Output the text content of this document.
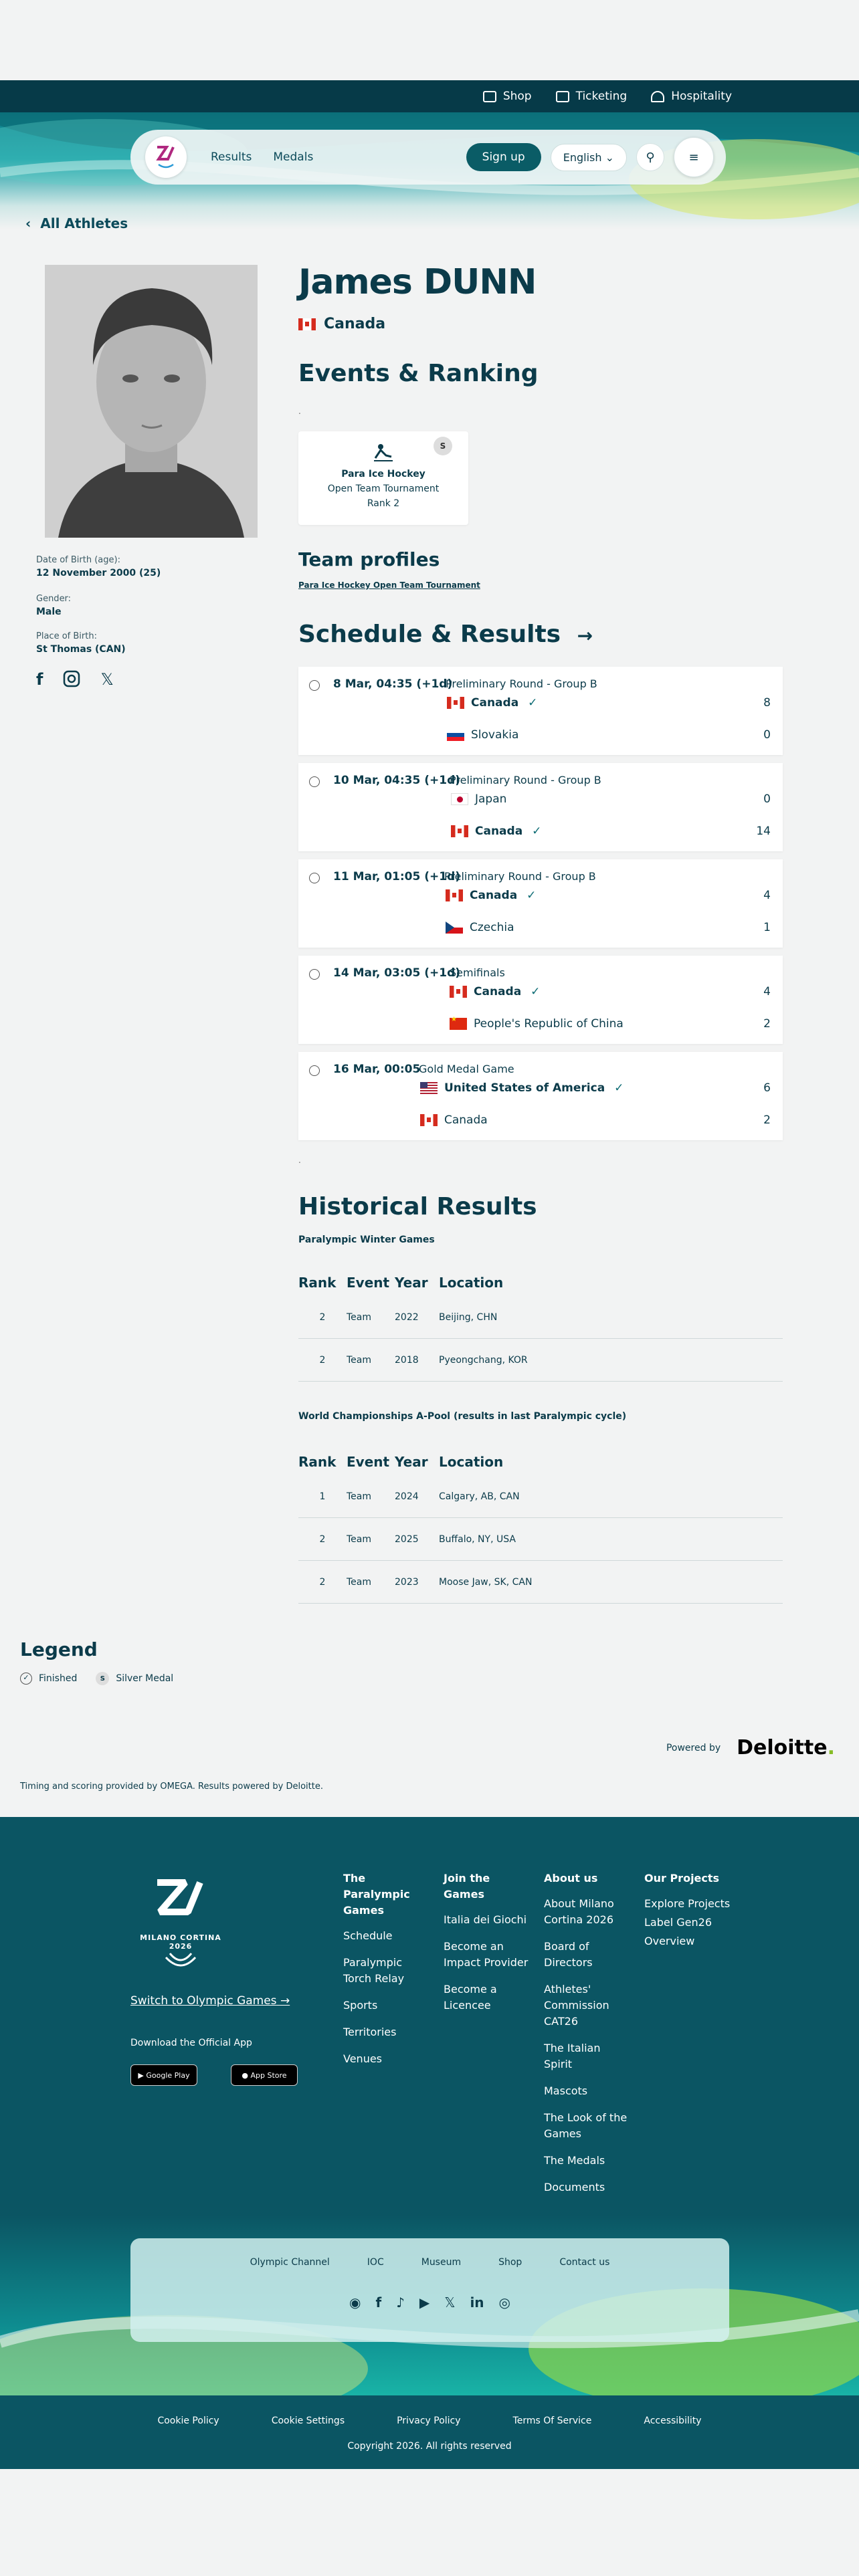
Shop	Ticketing	Hospitality
Results Medals	Sign up	English ⌄	⚲	≡
‹ All Athletes
Date of Birth (age):
12 November 2000 (25)
Gender:
Male
Place of Birth:
St Thomas (CAN)
f	𝕏
James DUNN
Canada
Events & Ranking
.
S
Para Ice Hockey
Open Team Tournament
Rank 2
Team profiles
Para Ice Hockey Open Team Tournament
Schedule & Results →
8 Mar, 04:35 (+1d)
Preliminary Round - Group B
Canada ✓	8
Slovakia	0
10 Mar, 04:35 (+1d)
Preliminary Round - Group B
Japan	0
Canada ✓	14
11 Mar, 01:05 (+1d)
Preliminary Round - Group B
Canada ✓	4
Czechia	1
14 Mar, 03:05 (+1d)
Semifinals
Canada ✓	4
★
People's Republic of China	2
16 Mar, 00:05
Gold Medal Game
United States of America ✓	6
Canada	2
.
Historical Results
Paralympic Winter Games
Rank Event Year Location
2	Team	2022	Beijing, CHN
2	Team	2018	Pyeongchang, KOR
World Championships A-Pool (results in last Paralympic cycle)
Rank Event Year Location
1	Team	2024	Calgary, AB, CAN
2	Team	2025	Buffalo, NY, USA
2	Team	2023	Moose Jaw, SK, CAN
Legend
✓	Finished	S	Silver Medal
Powered by Deloitte.
Timing and scoring provided by OMEGA. Results powered by Deloitte.
MILANO CORTINA 2026
Switch to Olympic Games →
Download the Official App
▶ Google Play	● App Store
The Paralympic Games
Schedule
Paralympic Torch Relay
Sports
Territories
Venues
Join the Games
Italia dei Giochi
Become an Impact Provider
Become a Licencee
About us
About Milano Cortina 2026
Board of Directors
Athletes' Commission CAT26
The Italian Spirit
Mascots
The Look of the Games
The Medals
Documents
Our Projects
Explore Projects
Label Gen26
Overview
Olympic Channel	IOC	Museum	Shop	Contact us
◉ f ♪ ▶ 𝕏 in ◎
Cookie Policy	Cookie Settings	Privacy Policy	Terms Of Service	Accessibility
Copyright 2026. All rights reserved
